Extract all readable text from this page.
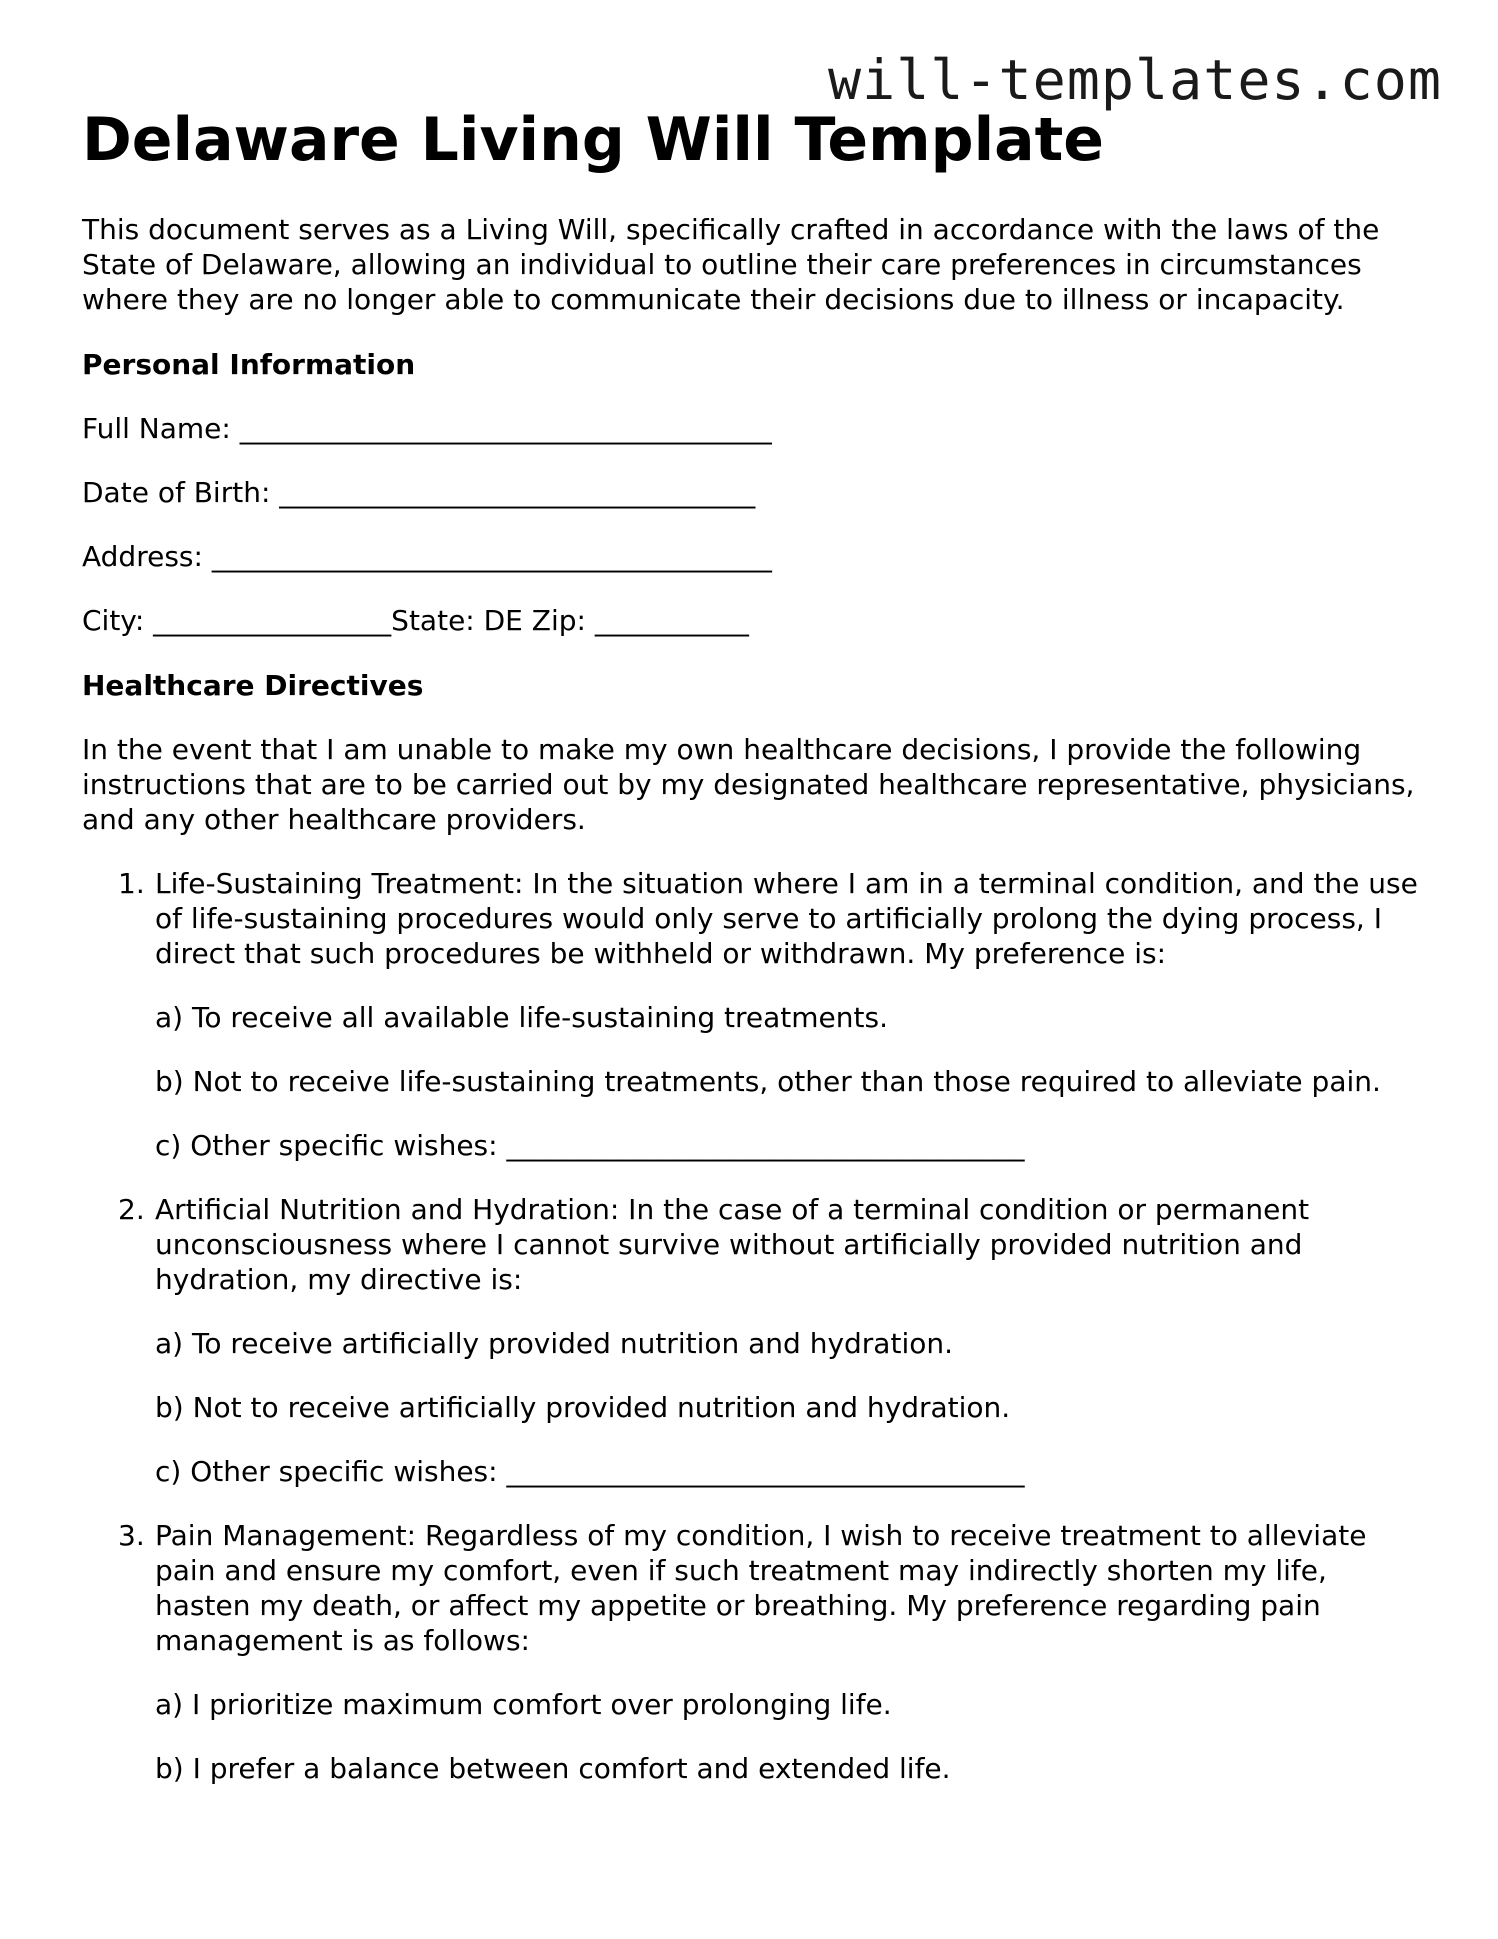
will-templates.com
Delaware Living Will Template

This document serves as a Living Will, specifically crafted in accordance with the laws of the State of Delaware, allowing an individual to outline their care preferences in circumstances where they are no longer able to communicate their decisions due to illness or incapacity.

Personal Information

Full Name: ______________________________________

Date of Birth: __________________________________

Address: ________________________________________

City: _________________State: DE Zip: ___________

Healthcare Directives

In the event that I am unable to make my own healthcare decisions, I provide the following instructions that are to be carried out by my designated healthcare representative, physicians, and any other healthcare providers.

1. Life-Sustaining Treatment: In the situation where I am in a terminal condition, and the use of life-sustaining procedures would only serve to artificially prolong the dying process, I direct that such procedures be withheld or withdrawn. My preference is:
a) To receive all available life-sustaining treatments.
b) Not to receive life-sustaining treatments, other than those required to alleviate pain.
c) Other specific wishes: _____________________________________
2. Artificial Nutrition and Hydration: In the case of a terminal condition or permanent unconsciousness where I cannot survive without artificially provided nutrition and hydration, my directive is:
a) To receive artificially provided nutrition and hydration.
b) Not to receive artificially provided nutrition and hydration.
c) Other specific wishes: _____________________________________
3. Pain Management: Regardless of my condition, I wish to receive treatment to alleviate pain and ensure my comfort, even if such treatment may indirectly shorten my life, hasten my death, or affect my appetite or breathing. My preference regarding pain management is as follows:
a) I prioritize maximum comfort over prolonging life.
b) I prefer a balance between comfort and extended life.
